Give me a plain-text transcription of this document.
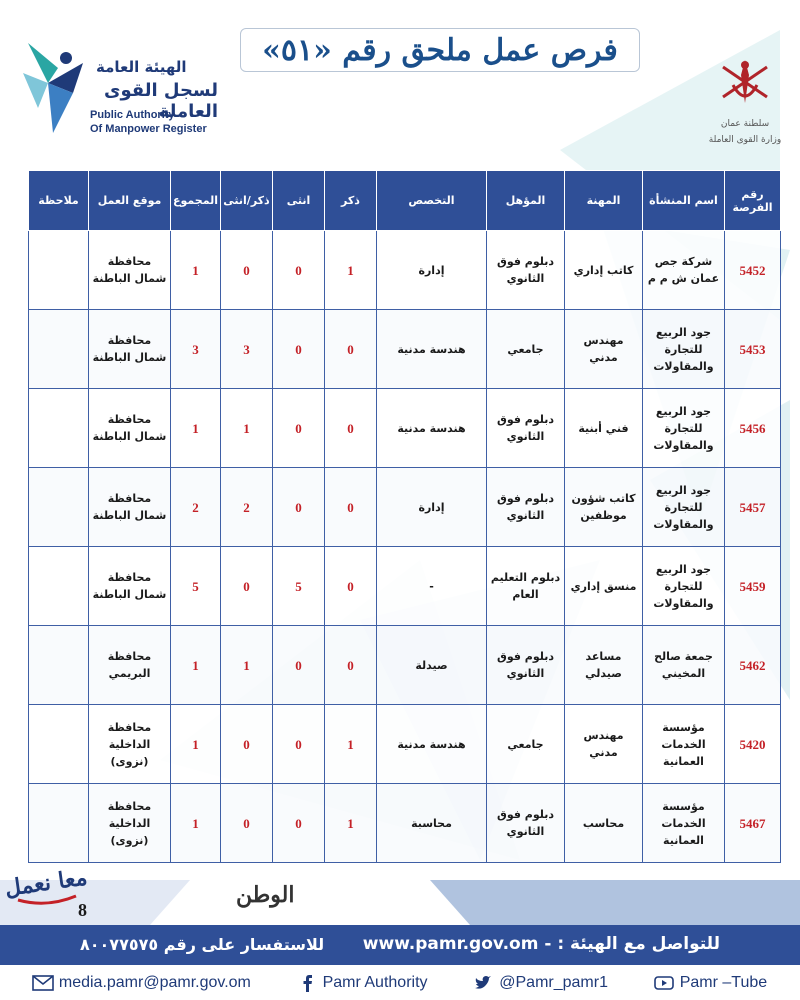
الهيئة العامة
لسجل القوى العاملة
Public Authority
Of Manpower Register
فرص عمل ملحق رقم «٥١»
سلطنة عمان
وزارة القوى العاملة
رقم الفرصة	اسم المنشأة	المهنة	المؤهل	التخصص	ذكر	انثى	ذكر/انثى	المجموع	موقع العمل	ملاحظة
5452	شركة جص عمان ش م م	كاتب إداري	دبلوم فوق الثانوي	إدارة	1	0	0	1	محافظة شمال الباطنة	
5453	جود الربيع للتجارة والمقاولات	مهندس مدني	جامعي	هندسة مدنية	0	0	3	3	محافظة شمال الباطنة	
5456	جود الربيع للتجارة والمقاولات	فني أبنية	دبلوم فوق الثانوي	هندسة مدنية	0	0	1	1	محافظة شمال الباطنة	
5457	جود الربيع للتجارة والمقاولات	كاتب شؤون موظفين	دبلوم فوق الثانوي	إدارة	0	0	2	2	محافظة شمال الباطنة	
5459	جود الربيع للتجارة والمقاولات	منسق إداري	دبلوم التعليم العام	-	0	5	0	5	محافظة شمال الباطنة	
5462	جمعة صالح المخيني	مساعد صيدلي	دبلوم فوق الثانوي	صيدلة	0	0	1	1	محافظة البريمي	
5420	مؤسسة الخدمات العمانية	مهندس مدني	جامعي	هندسة مدنية	1	0	0	1	محافظة الداخلية (نزوى)	
5467	مؤسسة الخدمات العمانية	محاسب	دبلوم فوق الثانوي	محاسبة	1	0	0	1	محافظة الداخلية (نزوى)	
معا نعمل
8
الوطن
للاستفسار على رقم ٨٠٠٧٧٥٧٥ للتواصل مع الهيئة : - www.pamr.gov.om
media.pamr@pamr.gov.om	Pamr Authority	@Pamr_pamr1	Pamr –Tube
